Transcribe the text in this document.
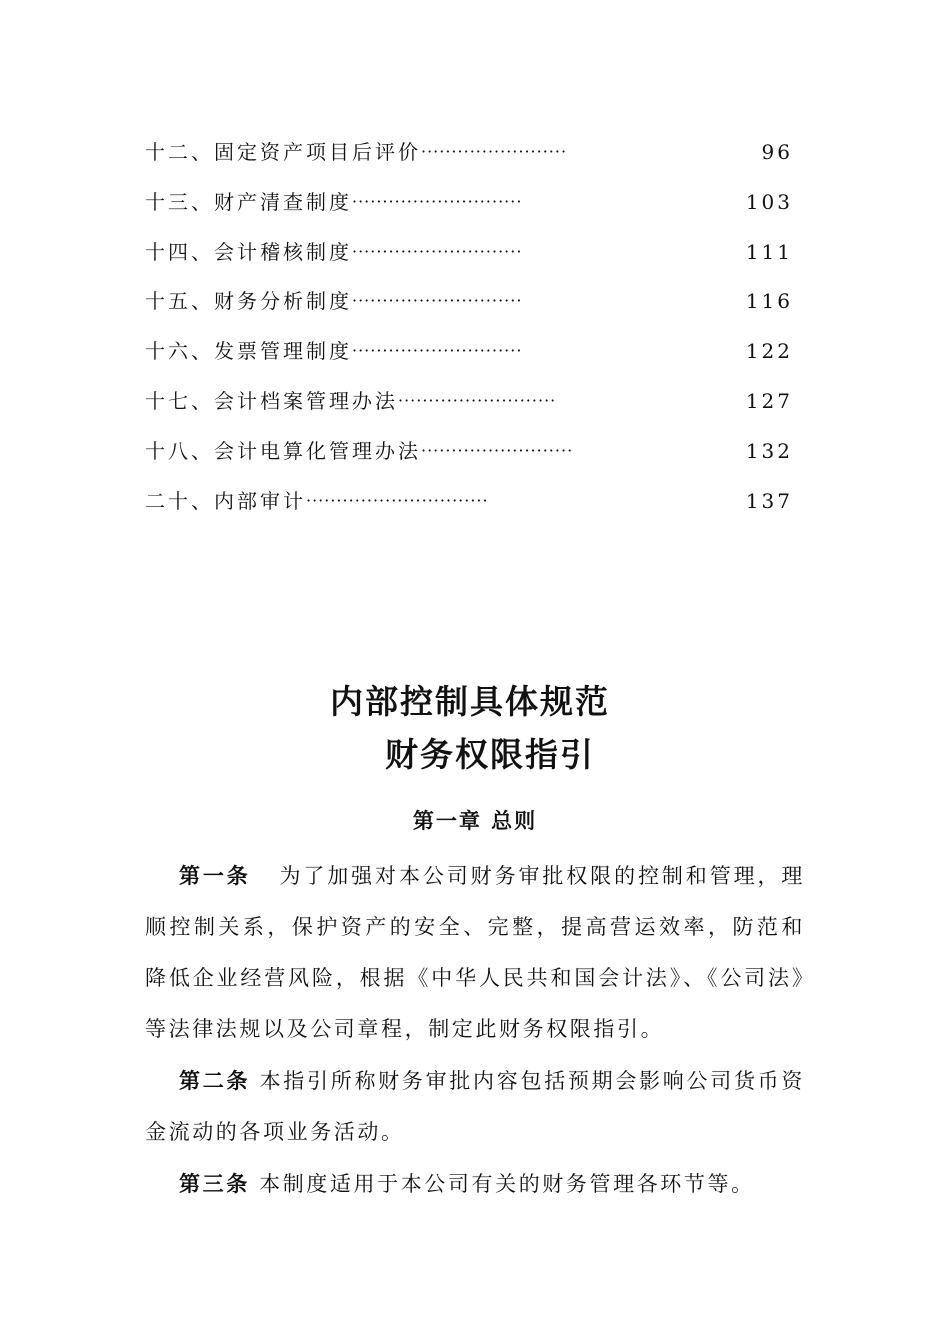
十二、固定资产项目后评价························	96
十三、财产清查制度····························	103
十四、会计稽核制度····························	111
十五、财务分析制度····························	116
十六、发票管理制度····························	122
十七、会计档案管理办法··························	127
十八、会计电算化管理办法·························	132
二十、内部审计······························	137
内部控制具体规范
财务权限指引
第一章 总则

第一条 为了加强对本公司财务审批权限的控制和管理，理顺控制关系，保护资产的安全、完整，提高营运效率，防范和降低企业经营风险，根据《中华人民共和国会计法》、《公司法》等法律法规以及公司章程，制定此财务权限指引。

第二条 本指引所称财务审批内容包括预期会影响公司货币资金流动的各项业务活动。

第三条 本制度适用于本公司有关的财务管理各环节等。
